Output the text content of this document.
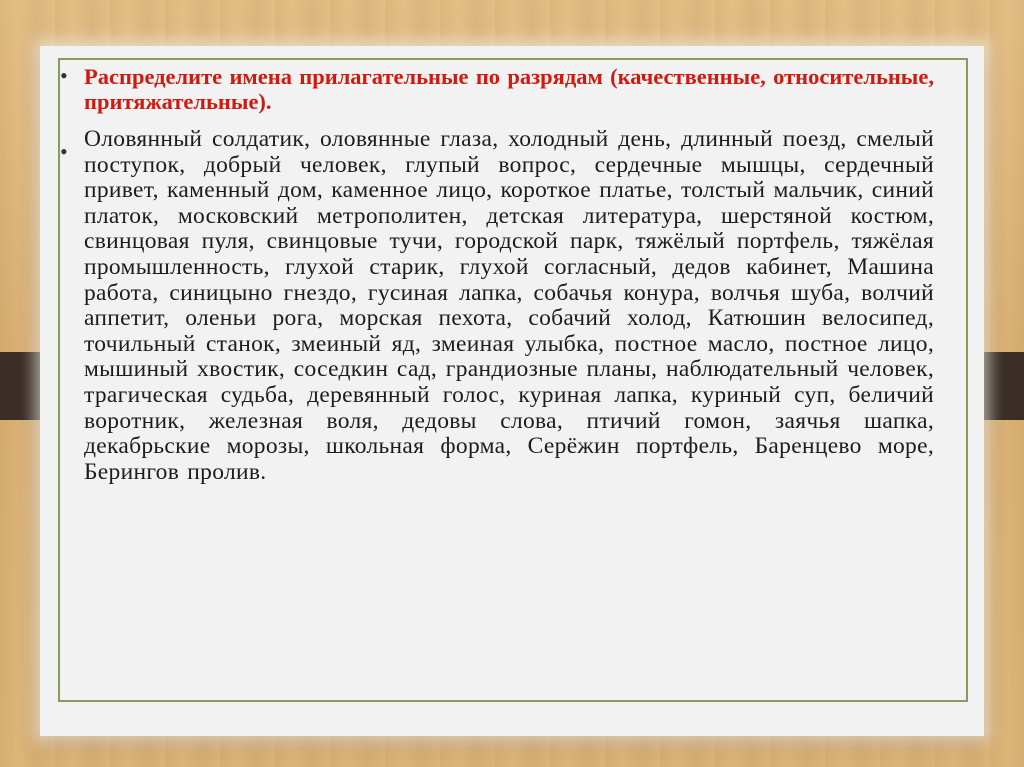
• Распределите имена прилагательные по разрядам (качественные, относительные, притяжательные).
• Оловянный солдатик, оловянные глаза, холодный день, длинный поезд, смелый поступок, добрый человек, глупый вопрос, сердечные мышцы, сердечный привет, каменный дом, каменное лицо, короткое платье, толстый мальчик, синий платок, московский метрополитен, детская литература, шерстяной костюм, свинцовая пуля, свинцовые тучи, городской парк, тяжёлый портфель, тяжёлая промышленность, глухой старик, глухой согласный, дедов кабинет, Машина работа, синицыно гнездо, гусиная лапка, собачья конура, волчья шуба, волчий аппетит, оленьи рога, морская пехота, собачий холод, Катюшин велосипед, точильный станок, змеиный яд, змеиная улыбка, постное масло, постное лицо, мышиный хвостик, соседкин сад, грандиозные планы, наблюдательный человек, трагическая судьба, деревянный голос, куриная лапка, куриный суп, беличий воротник, железная воля, дедовы слова, птичий гомон, заячья шапка, декабрьские морозы, школьная форма, Серёжин портфель, Баренцево море, Берингов пролив.
